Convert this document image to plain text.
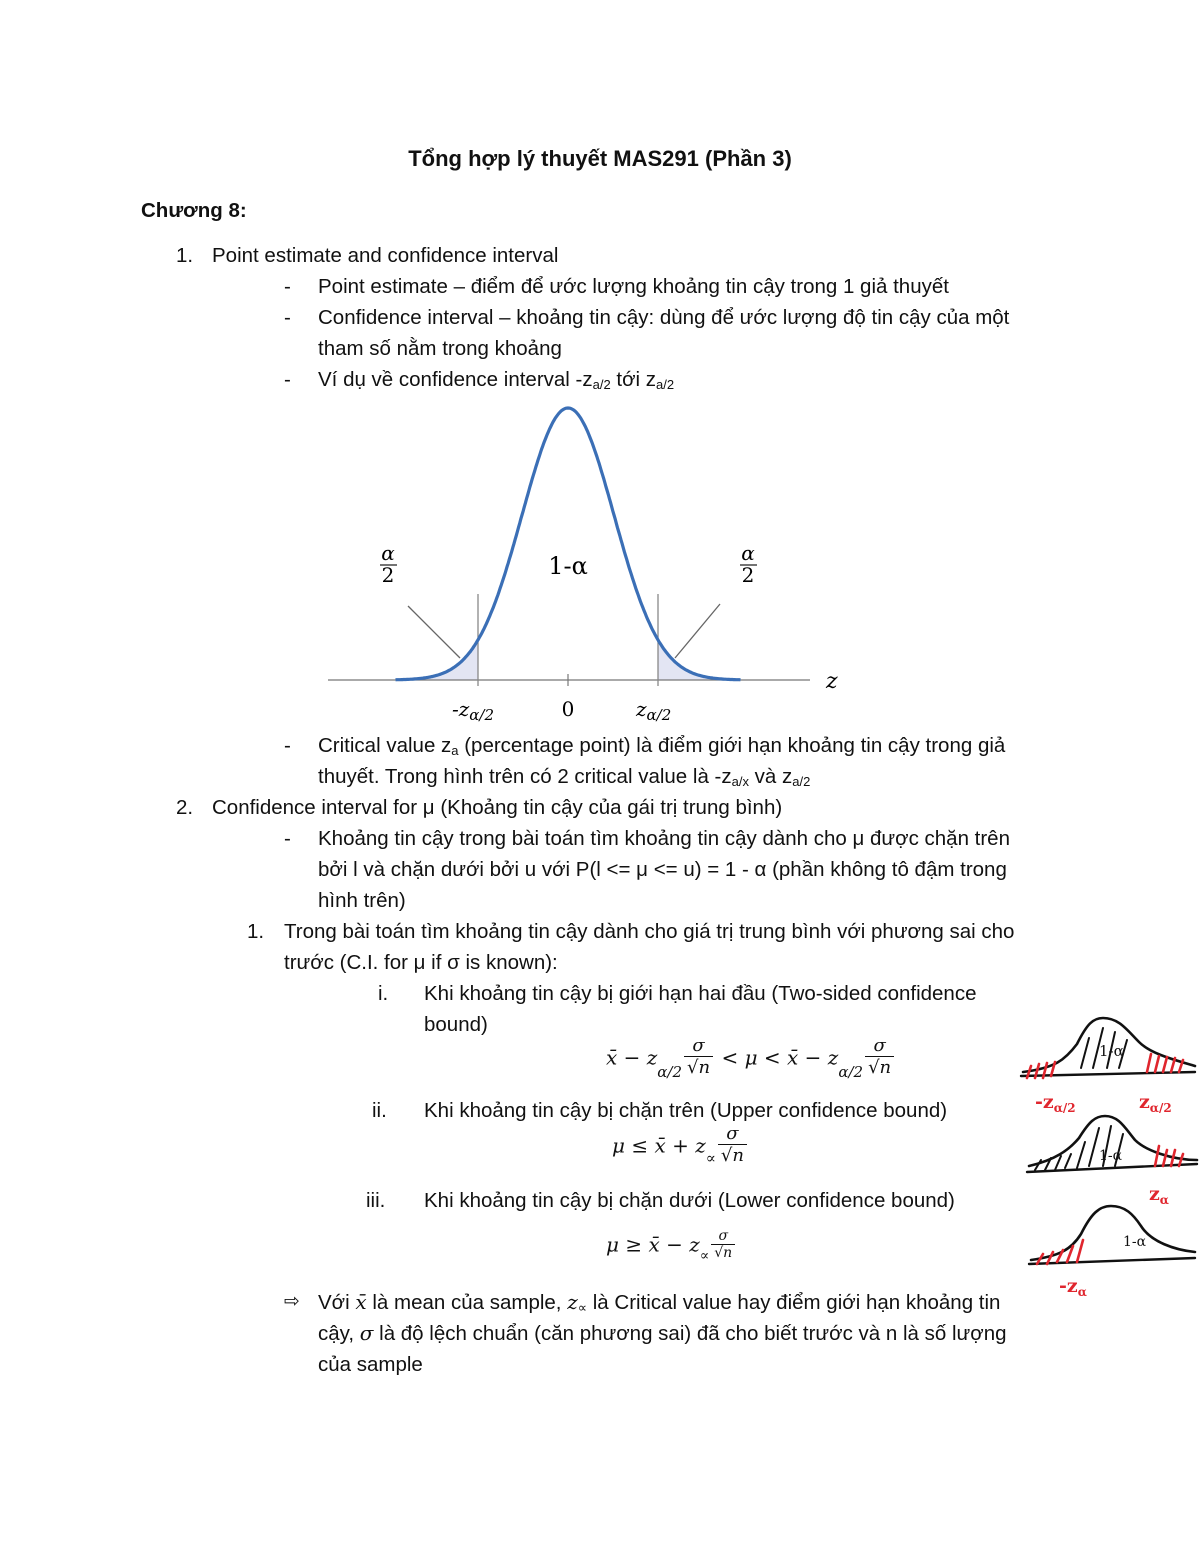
Tổng hợp lý thuyết MAS291 (Phần 3)
Chương 8:
1. Point estimate and confidence interval
- Point estimate – điểm để ước lượng khoảng tin cậy trong 1 giả thuyết
- Confidence interval – khoảng tin cậy: dùng để ước lượng độ tin cậy của một
tham số nằm trong khoảng
- Ví dụ về confidence interval $-z_{a/2}$ tới $z_{a/2}$
α
2
α
2
1-α
z
$-z_{\alpha/2}$	0	$z_{\alpha/2}$
- Critical value $z_a$ (percentage point) là điểm giới hạn khoảng tin cậy trong giả
thuyết. Trong hình trên có 2 critical value là $-z_{a/x}$ và $z_{a/2}$
2. Confidence interval for μ (Khoảng tin cậy của gái trị trung bình)
- Khoảng tin cậy trong bài toán tìm khoảng tin cậy dành cho μ được chặn trên
bởi l và chặn dưới bởi u với P(l <= μ <= u) = 1 - α (phần không tô đậm trong
hình trên)
1. Trong bài toán tìm khoảng tin cậy dành cho giá trị trung bình với phương sai cho
trước (C.I. for μ if σ is known):
i. Khi khoảng tin cậy bị giới hạn hai đầu (Two-sided confidence
bound)
x̄ − $z_{\alpha/2} \frac{\sigma}{√n} < \mu$ < x̄ − $z_{\alpha/2} \frac{\sigma}{√n}$
ii. Khi khoảng tin cậy bị chặn trên (Upper confidence bound)
μ ≤ x̄ + $z_\propto \frac{\sigma}{√n}$
iii. Khi khoảng tin cậy bị chặn dưới (Lower confidence bound)
μ ≥ x̄ − $z_\propto \frac{\sigma}{√n}$
⇨ Với x̄ là mean của sample, $z_\propto$ là Critical value hay điểm giới hạn khoảng tin
cậy, σ là độ lệch chuẩn (căn phương sai) đã cho biết trước và n là số lượng
của sample
1-α
$-z_{\alpha/2}$	$z_{\alpha/2}$
1-α
$z_\alpha$
1-α
$-z_\alpha$
